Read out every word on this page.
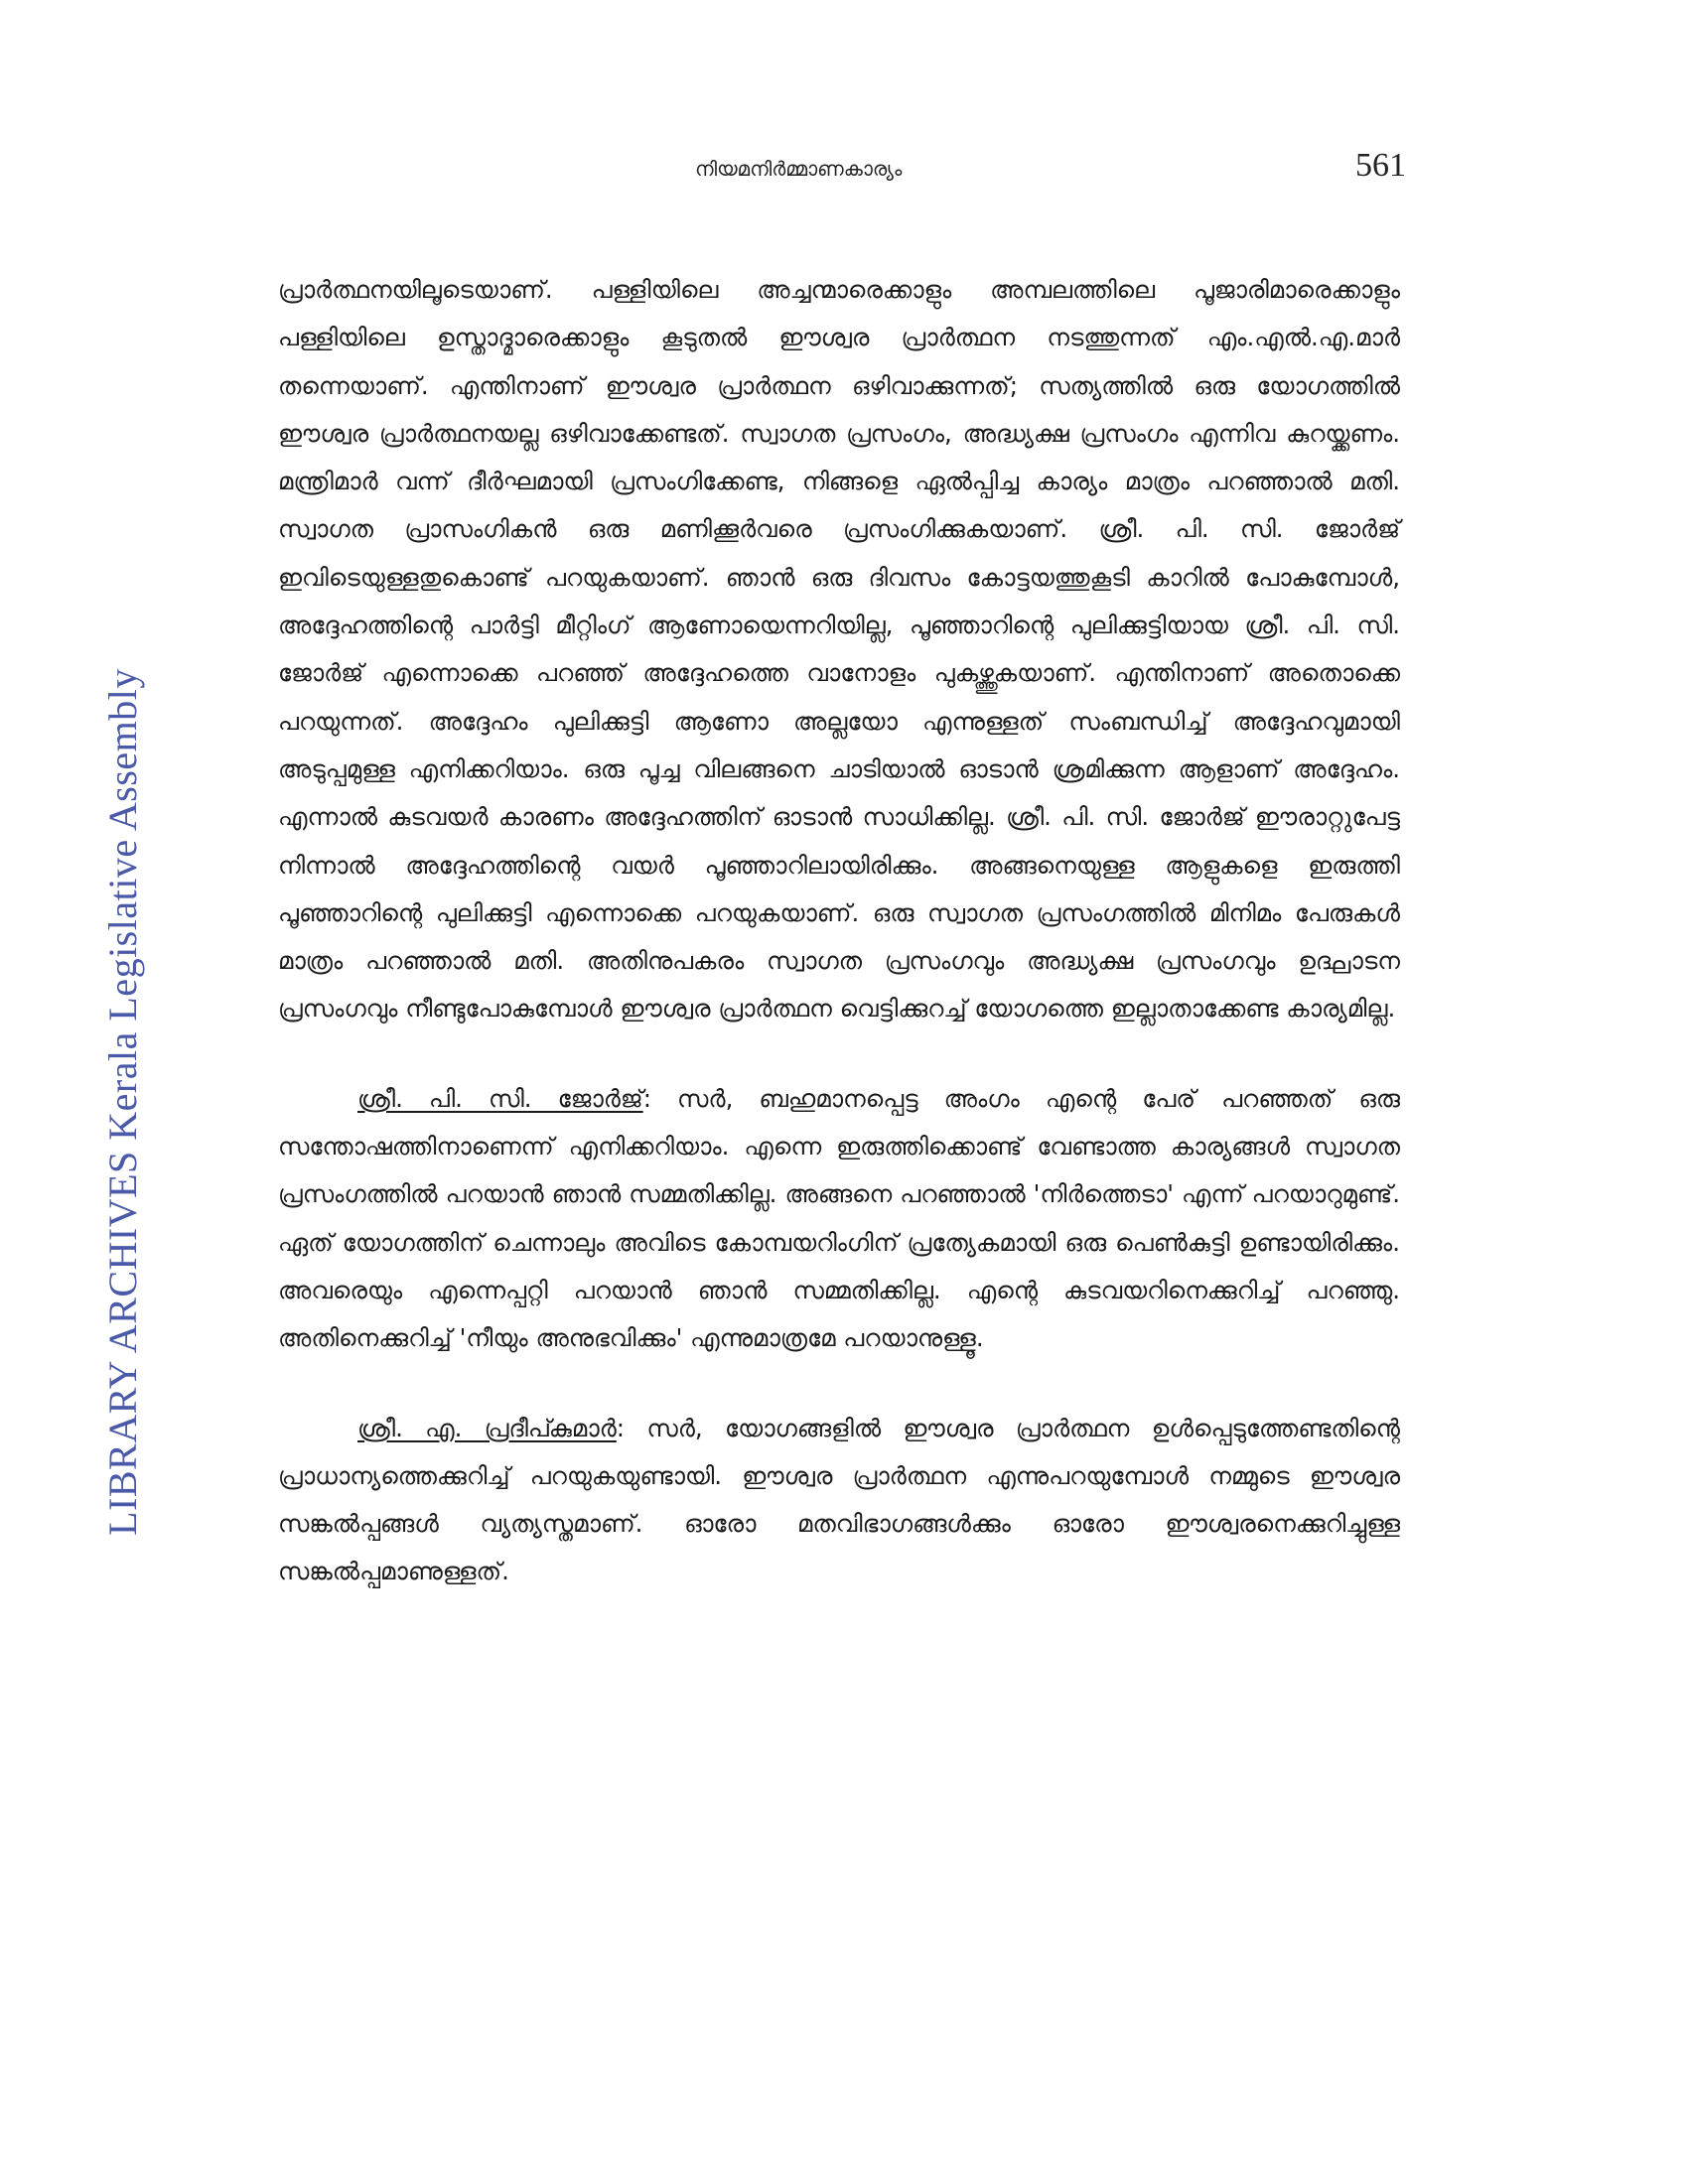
LIBRARY ARCHIVES Kerala Legislative Assembly
നിയമനിർമ്മാണകാര്യം	561

പ്രാർത്ഥനയിലൂടെയാണ്. പള്ളിയിലെ അച്ചന്മാരെക്കാളും അമ്പലത്തിലെ പൂജാരിമാരെക്കാളും പള്ളിയിലെ ഉസ്താദ്മാരെക്കാളും കൂടുതൽ ഈശ്വര പ്രാർത്ഥന നടത്തുന്നത് എം.എൽ.എ.മാർ തന്നെയാണ്. എന്തിനാണ് ഈശ്വര പ്രാർത്ഥന ഒഴിവാക്കുന്നത്; സത്യത്തിൽ ഒരു യോഗത്തിൽ ഈശ്വര പ്രാർത്ഥനയല്ല ഒഴിവാക്കേണ്ടത്. സ്വാഗത പ്രസംഗം, അദ്ധ്യക്ഷ പ്രസംഗം എന്നിവ കുറയ്ക്കണം. മന്ത്രിമാർ വന്ന് ദീർഘമായി പ്രസംഗിക്കേണ്ട, നിങ്ങളെ ഏൽപ്പിച്ച കാര്യം മാത്രം പറഞ്ഞാൽ മതി. സ്വാഗത പ്രാസംഗികൻ ഒരു മണിക്കൂർവരെ പ്രസംഗിക്കുകയാണ്. ശ്രീ. പി. സി. ജോർജ് ഇവിടെയുള്ളതുകൊണ്ട് പറയുകയാണ്. ഞാൻ ഒരു ദിവസം കോട്ടയത്തുകൂടി കാറിൽ പോകുമ്പോൾ, അദ്ദേഹത്തിന്റെ പാർട്ടി മീറ്റിംഗ് ആണോയെന്നറിയില്ല, പൂഞ്ഞാറിന്റെ പുലിക്കുട്ടിയായ ശ്രീ. പി. സി. ജോർജ് എന്നൊക്കെ പറഞ്ഞ് അദ്ദേഹത്തെ വാനോളം പുകഴ്ത്തുകയാണ്. എന്തിനാണ് അതൊക്കെ പറയുന്നത്. അദ്ദേഹം പുലിക്കുട്ടി ആണോ അല്ലയോ എന്നുള്ളത് സംബന്ധിച്ച് അദ്ദേഹവുമായി അടുപ്പമുള്ള എനിക്കറിയാം. ഒരു പൂച്ച വിലങ്ങനെ ചാടിയാൽ ഓടാൻ ശ്രമിക്കുന്ന ആളാണ് അദ്ദേഹം. എന്നാൽ കുടവയർ കാരണം അദ്ദേഹത്തിന് ഓടാൻ സാധിക്കില്ല. ശ്രീ. പി. സി. ജോർജ് ഈരാറ്റുപേട്ട നിന്നാൽ അദ്ദേഹത്തിന്റെ വയർ പൂഞ്ഞാറിലായിരിക്കും. അങ്ങനെയുള്ള ആളുകളെ ഇരുത്തി പൂഞ്ഞാറിന്റെ പുലിക്കുട്ടി എന്നൊക്കെ പറയുകയാണ്. ഒരു സ്വാഗത പ്രസംഗത്തിൽ മിനിമം പേരുകൾ മാത്രം പറഞ്ഞാൽ മതി. അതിനുപകരം സ്വാഗത പ്രസംഗവും അദ്ധ്യക്ഷ പ്രസംഗവും ഉദ്ഘാടന പ്രസംഗവും നീണ്ടുപോകുമ്പോൾ ഈശ്വര പ്രാർത്ഥന വെട്ടിക്കുറച്ച് യോഗത്തെ ഇല്ലാതാക്കേണ്ട കാര്യമില്ല.

ശ്രീ. പി. സി. ജോർജ്: സർ, ബഹുമാനപ്പെട്ട അംഗം എന്റെ പേര് പറഞ്ഞത് ഒരു സന്തോഷത്തിനാണെന്ന് എനിക്കറിയാം. എന്നെ ഇരുത്തിക്കൊണ്ട് വേണ്ടാത്ത കാര്യങ്ങൾ സ്വാഗത പ്രസംഗത്തിൽ പറയാൻ ഞാൻ സമ്മതിക്കില്ല. അങ്ങനെ പറഞ്ഞാൽ 'നിർത്തെടാ' എന്ന് പറയാറുമുണ്ട്. ഏത് യോഗത്തിന് ചെന്നാലും അവിടെ കോമ്പയറിംഗിന് പ്രത്യേകമായി ഒരു പെൺകുട്ടി ഉണ്ടായിരിക്കും. അവരെയും എന്നെപ്പറ്റി പറയാൻ ഞാൻ സമ്മതിക്കില്ല. എന്റെ കുടവയറിനെക്കുറിച്ച് പറഞ്ഞു. അതിനെക്കുറിച്ച് 'നീയും അനുഭവിക്കും' എന്നുമാത്രമേ പറയാനുള്ളൂ.

ശ്രീ. എ. പ്രദീപ്കുമാർ: സർ, യോഗങ്ങളിൽ ഈശ്വര പ്രാർത്ഥന ഉൾപ്പെടുത്തേണ്ടതിന്റെ പ്രാധാന്യത്തെക്കുറിച്ച് പറയുകയുണ്ടായി. ഈശ്വര പ്രാർത്ഥന എന്നുപറയുമ്പോൾ നമ്മുടെ ഈശ്വര സങ്കൽപ്പങ്ങൾ വ്യത്യസ്തമാണ്. ഓരോ മതവിഭാഗങ്ങൾക്കും ഓരോ ഈശ്വരനെക്കുറിച്ചുള്ള സങ്കൽപ്പമാണുള്ളത്.
